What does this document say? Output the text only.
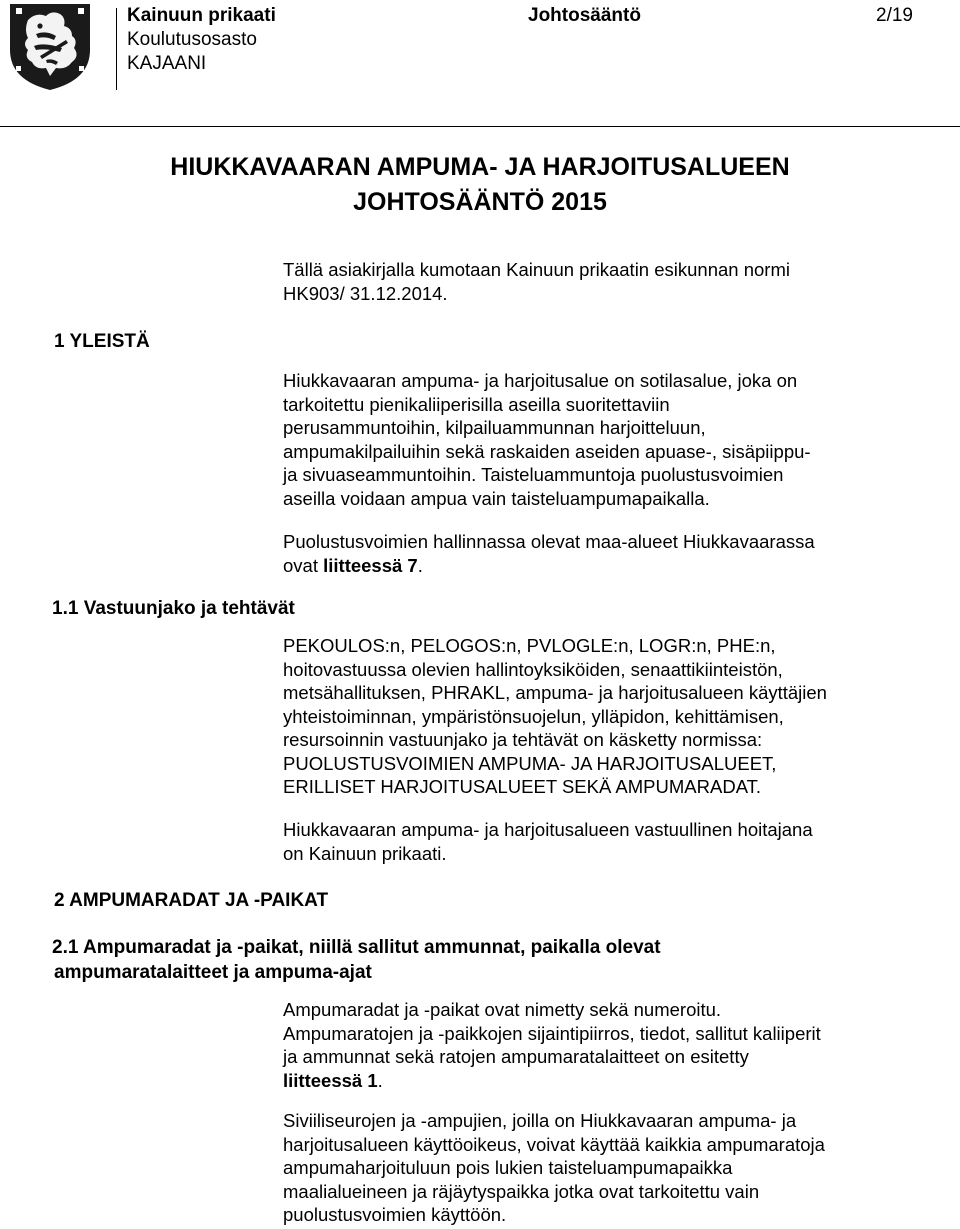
Kainuun prikaati
Koulutusosasto
KAJAANI
Johtosääntö	2/19
HIUKKAVAARAN AMPUMA- JA HARJOITUSALUEEN
JOHTOSÄÄNTÖ 2015
Tällä asiakirjalla kumotaan Kainuun prikaatin esikunnan normi
HK903/ 31.12.2014.
1 YLEISTÄ
Hiukkavaaran ampuma- ja harjoitusalue on sotilasalue, joka on
tarkoitettu pienikaliiperisilla aseilla suoritettaviin
perusammuntoihin, kilpailuammunnan harjoitteluun,
ampumakilpailuihin sekä raskaiden aseiden apuase-, sisäpiippu-
ja sivuaseammuntoihin. Taisteluammuntoja puolustusvoimien
aseilla voidaan ampua vain taisteluampumapaikalla.
Puolustusvoimien hallinnassa olevat maa-alueet Hiukkavaarassa
ovat liitteessä 7.
1.1 Vastuunjako ja tehtävät
PEKOULOS:n, PELOGOS:n, PVLOGLE:n, LOGR:n, PHE:n,
hoitovastuussa olevien hallintoyksiköiden, senaattikiinteistön,
metsähallituksen, PHRAKL, ampuma- ja harjoitusalueen käyttäjien
yhteistoiminnan, ympäristönsuojelun, ylläpidon, kehittämisen,
resursoinnin vastuunjako ja tehtävät on käsketty normissa:
PUOLUSTUSVOIMIEN AMPUMA- JA HARJOITUSALUEET,
ERILLISET HARJOITUSALUEET SEKÄ AMPUMARADAT.
Hiukkavaaran ampuma- ja harjoitusalueen vastuullinen hoitajana
on Kainuun prikaati.
2 AMPUMARADAT JA -PAIKAT
2.1 Ampumaradat ja -paikat, niillä sallitut ammunnat, paikalla olevat
ampumaratalaitteet ja ampuma-ajat
Ampumaradat ja -paikat ovat nimetty sekä numeroitu.
Ampumaratojen ja -paikkojen sijaintipiirros, tiedot, sallitut kaliiperit
ja ammunnat sekä ratojen ampumaratalaitteet on esitetty
liitteessä 1.
Siviiliseurojen ja -ampujien, joilla on Hiukkavaaran ampuma- ja
harjoitusalueen käyttöoikeus, voivat käyttää kaikkia ampumaratoja
ampumaharjoituluun pois lukien taisteluampumapaikka
maalialueineen ja räjäytyspaikka jotka ovat tarkoitettu vain
puolustusvoimien käyttöön.
